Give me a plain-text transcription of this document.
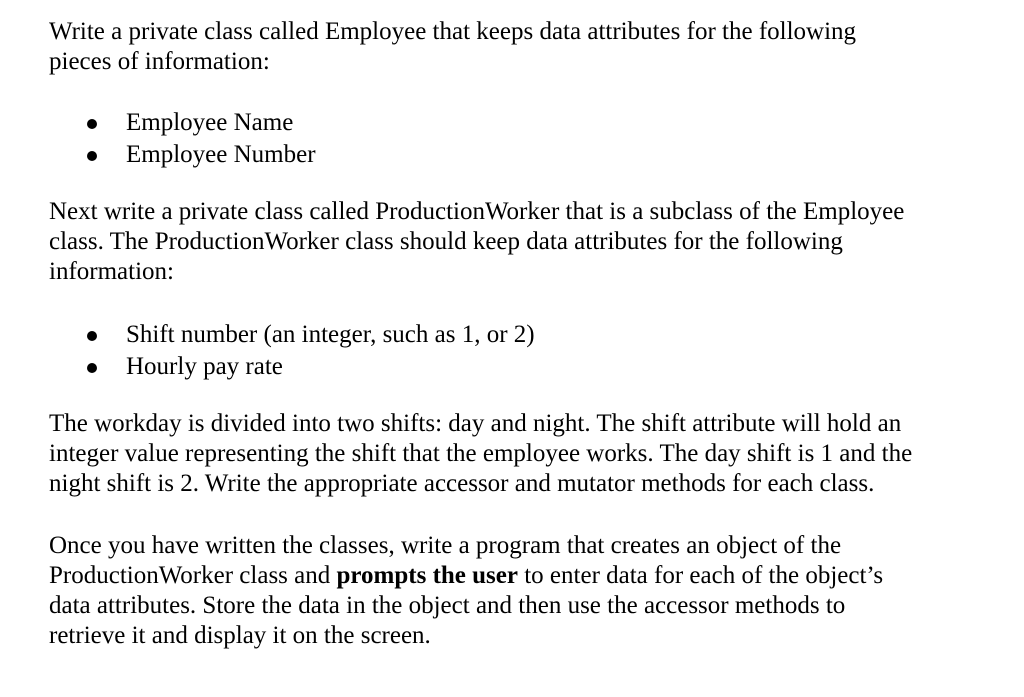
Write a private class called Employee that keeps data attributes for the following pieces of information:

Employee Name
Employee Number

Next write a private class called ProductionWorker that is a subclass of the Employee class. The ProductionWorker class should keep data attributes for the following information:

Shift number (an integer, such as 1, or 2)
Hourly pay rate

The workday is divided into two shifts: day and night. The shift attribute will hold an integer value representing the shift that the employee works. The day shift is 1 and the night shift is 2. Write the appropriate accessor and mutator methods for each class.

Once you have written the classes, write a program that creates an object of the ProductionWorker class and prompts the user to enter data for each of the object’s data attributes. Store the data in the object and then use the accessor methods to retrieve it and display it on the screen.
